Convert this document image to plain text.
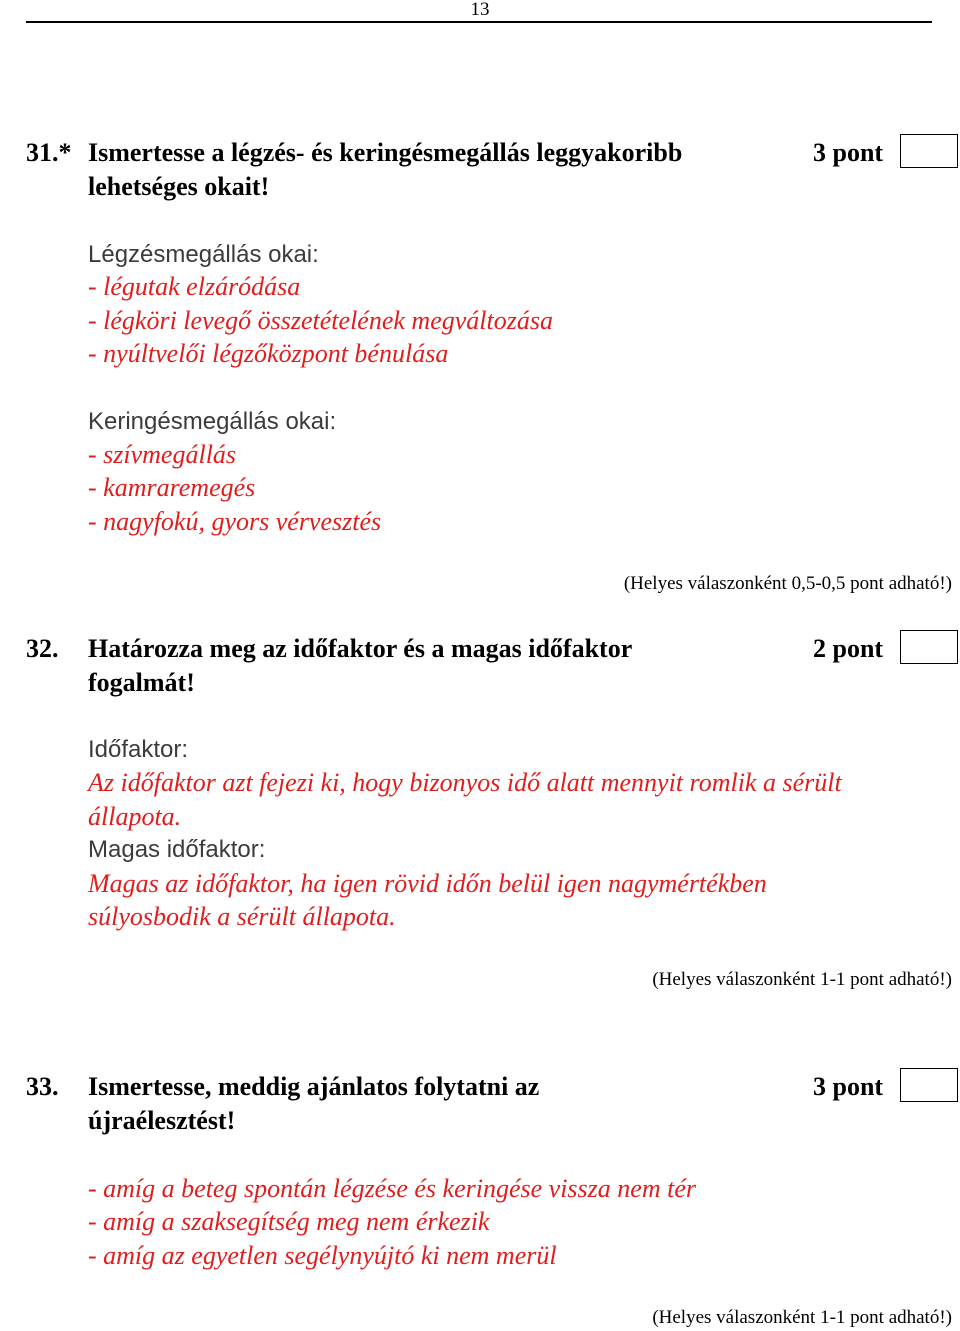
13
31.* Ismertesse a légzés- és keringésmegállás leggyakoribb
lehetséges okait!
3 pont
Légzésmegállás okai:
- légutak elzáródása
- légköri levegő összetételének megváltozása
- nyúltvelői légzőközpont bénulása
Keringésmegállás okai:
- szívmegállás
- kamraremegés
- nagyfokú, gyors vérvesztés
(Helyes válaszonként 0,5-0,5 pont adható!)
32. Határozza meg az időfaktor és a magas időfaktor
fogalmát!
2 pont
Időfaktor:
Az időfaktor azt fejezi ki, hogy bizonyos idő alatt mennyit romlik a sérült
állapota.
Magas időfaktor:
Magas az időfaktor, ha igen rövid időn belül igen nagymértékben
súlyosbodik a sérült állapota.
(Helyes válaszonként 1-1 pont adható!)
33. Ismertesse, meddig ajánlatos folytatni az
újraélesztést!
3 pont
- amíg a beteg spontán légzése és keringése vissza nem tér
- amíg a szaksegítség meg nem érkezik
- amíg az egyetlen segélynyújtó ki nem merül
(Helyes válaszonként 1-1 pont adható!)
